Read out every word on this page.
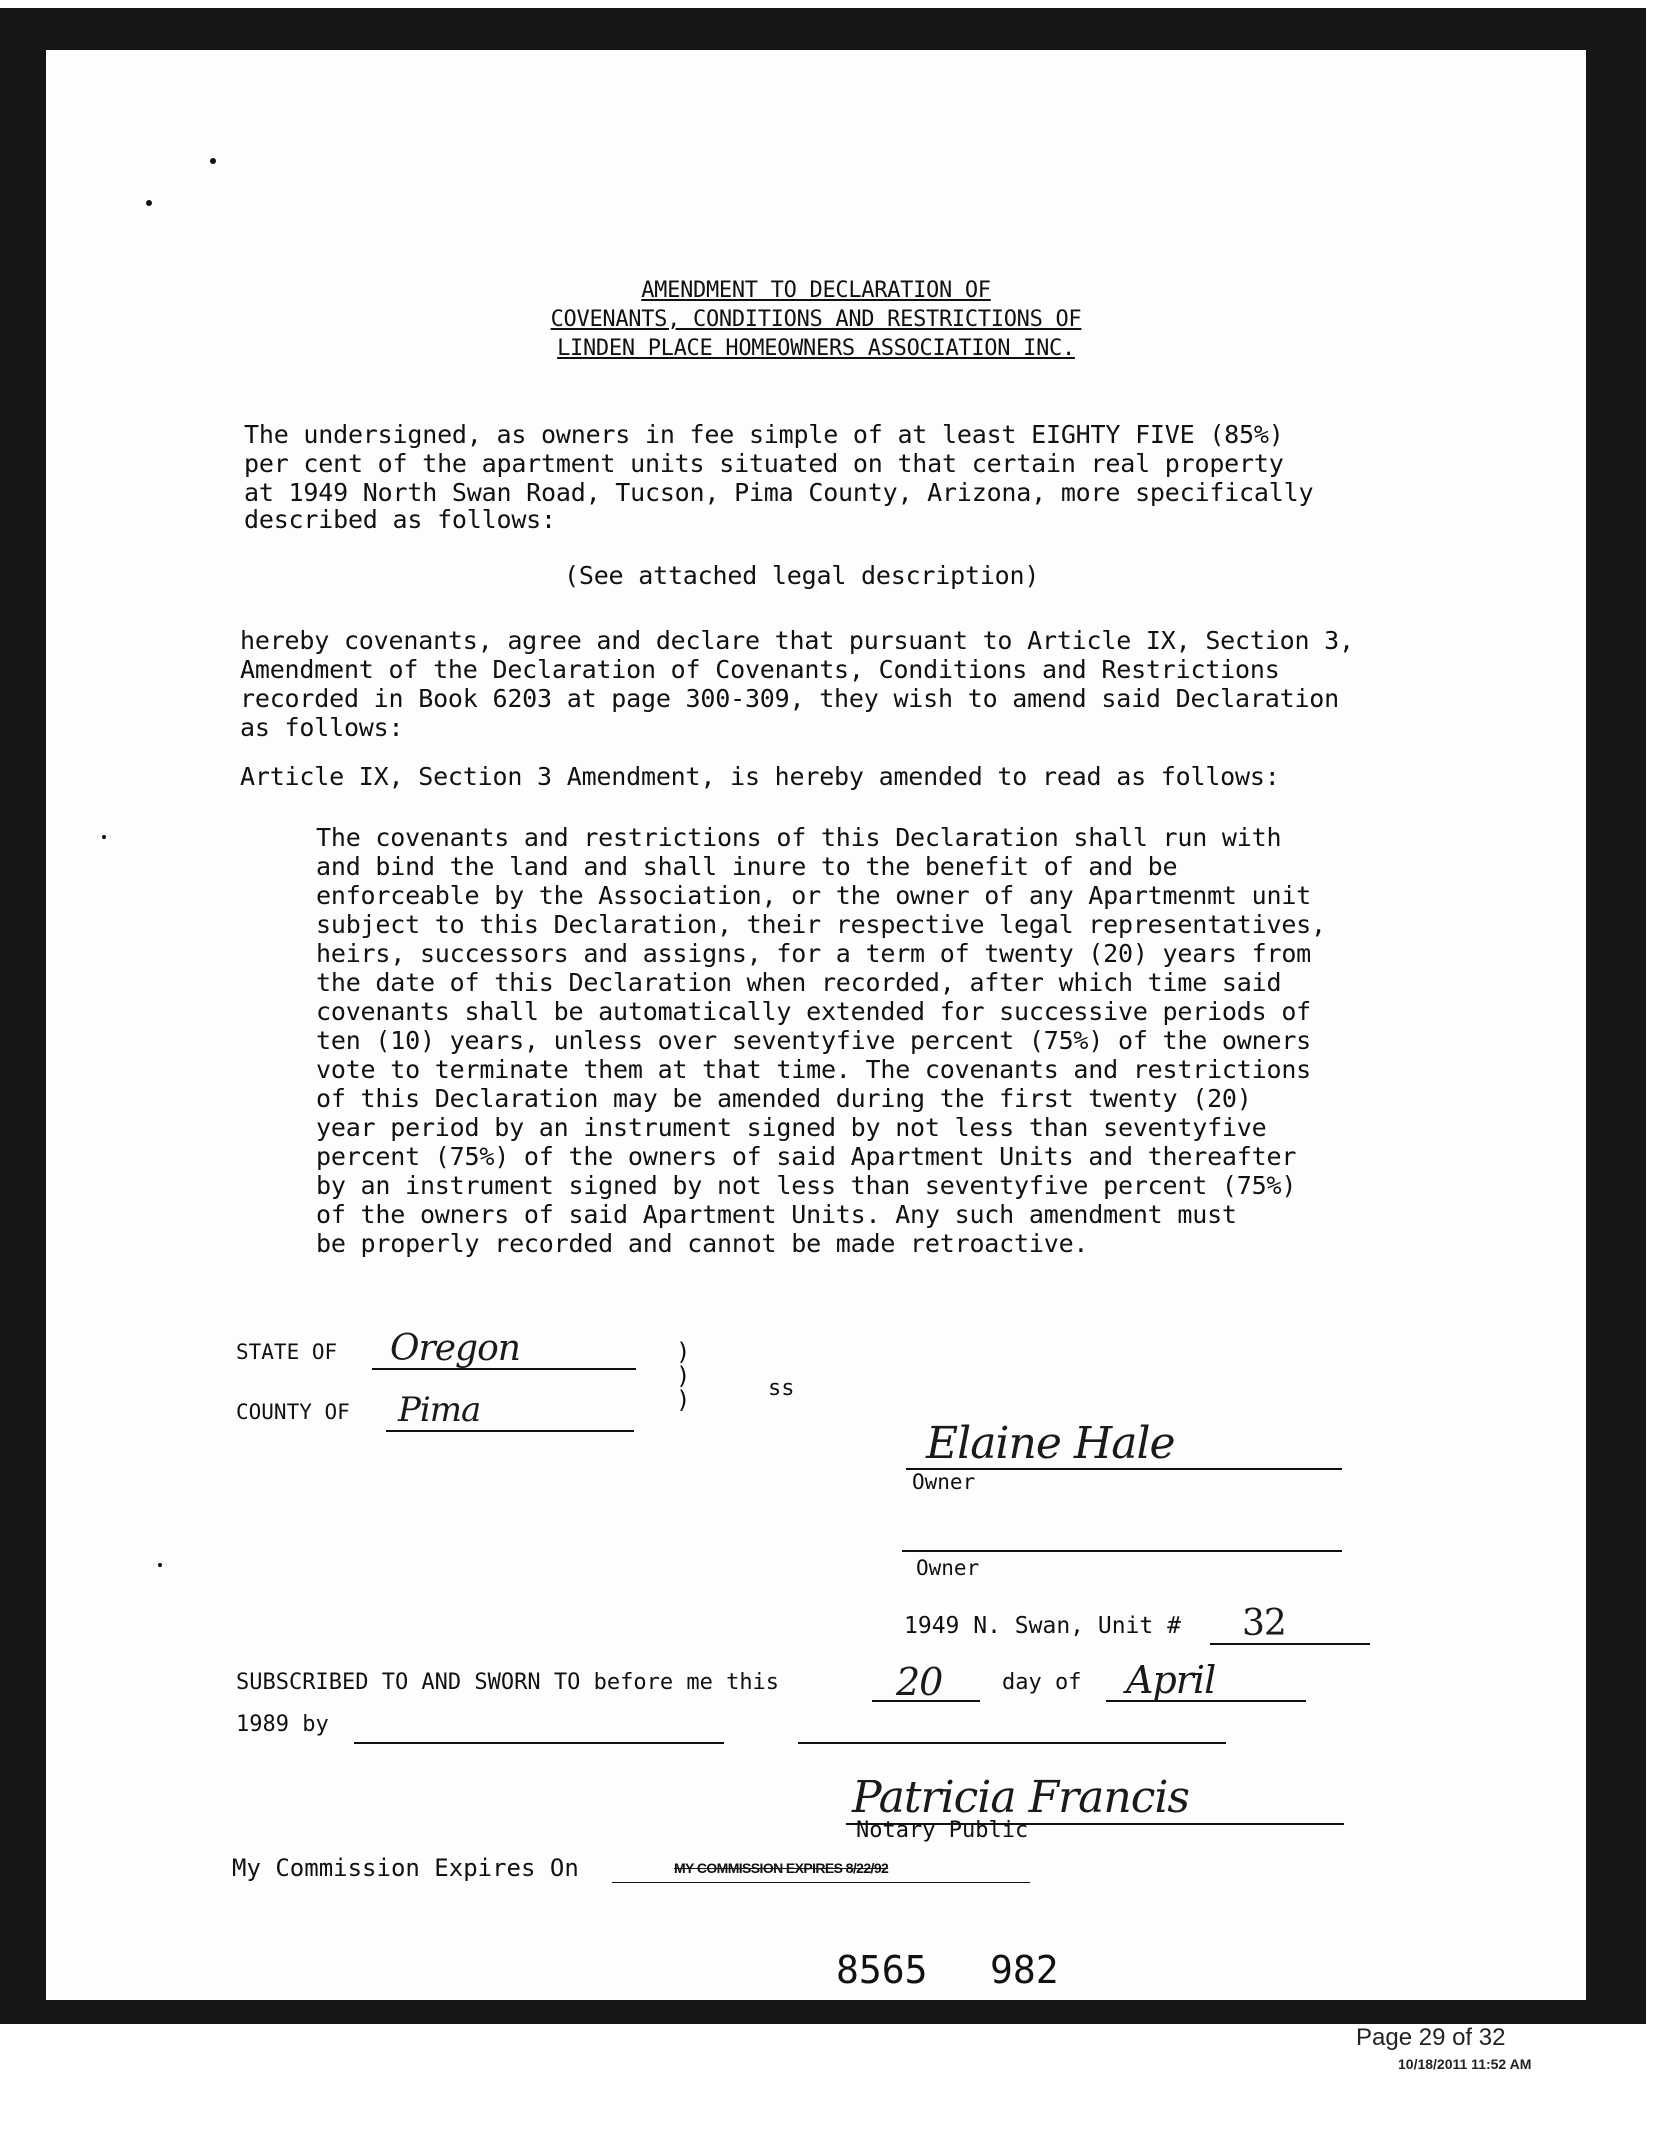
AMENDMENT TO DECLARATION OF
COVENANTS, CONDITIONS AND RESTRICTIONS OF
LINDEN PLACE HOMEOWNERS ASSOCIATION INC.
The undersigned, as owners in fee simple of at least EIGHTY FIVE (85%)
per cent of the apartment units situated on that certain real property
at 1949 North Swan Road, Tucson, Pima County, Arizona, more specifically
described as follows:
(See attached legal description)
hereby covenants, agree and declare that pursuant to Article IX, Section 3,
Amendment of the Declaration of Covenants, Conditions and Restrictions
recorded in Book 6203 at page 300-309, they wish to amend said Declaration
as follows:
Article IX, Section 3 Amendment, is hereby amended to read as follows:
The covenants and restrictions of this Declaration shall run with
and bind the land and shall inure to the benefit of and be
enforceable by the Association, or the owner of any Apartmenmt unit
subject to this Declaration, their respective legal representatives,
heirs, successors and assigns, for a term of twenty (20) years from
the date of this Declaration when recorded, after which time said
covenants shall be automatically extended for successive periods of
ten (10) years, unless over seventyfive percent (75%) of the owners
vote to terminate them at that time. The covenants and restrictions
of this Declaration may be amended during the first twenty (20)
year period by an instrument signed by not less than seventyfive
percent (75%) of the owners of said Apartment Units and thereafter
by an instrument signed by not less than seventyfive percent (75%)
of the owners of said Apartment Units. Any such amendment must
be properly recorded and cannot be made retroactive.
STATE OF Oregon
COUNTY OF Pima
)
)
)	ss
Elaine Hale
Owner
Owner
1949 N. Swan, Unit # 32
SUBSCRIBED TO AND SWORN TO before me this	20	day of April
1989 by
Patricia Francis
Notary Public
My Commission Expires On	MY COMMISSION EXPIRES 8/22/92
8565 982
Page 29 of 32
10/18/2011 11:52 AM
